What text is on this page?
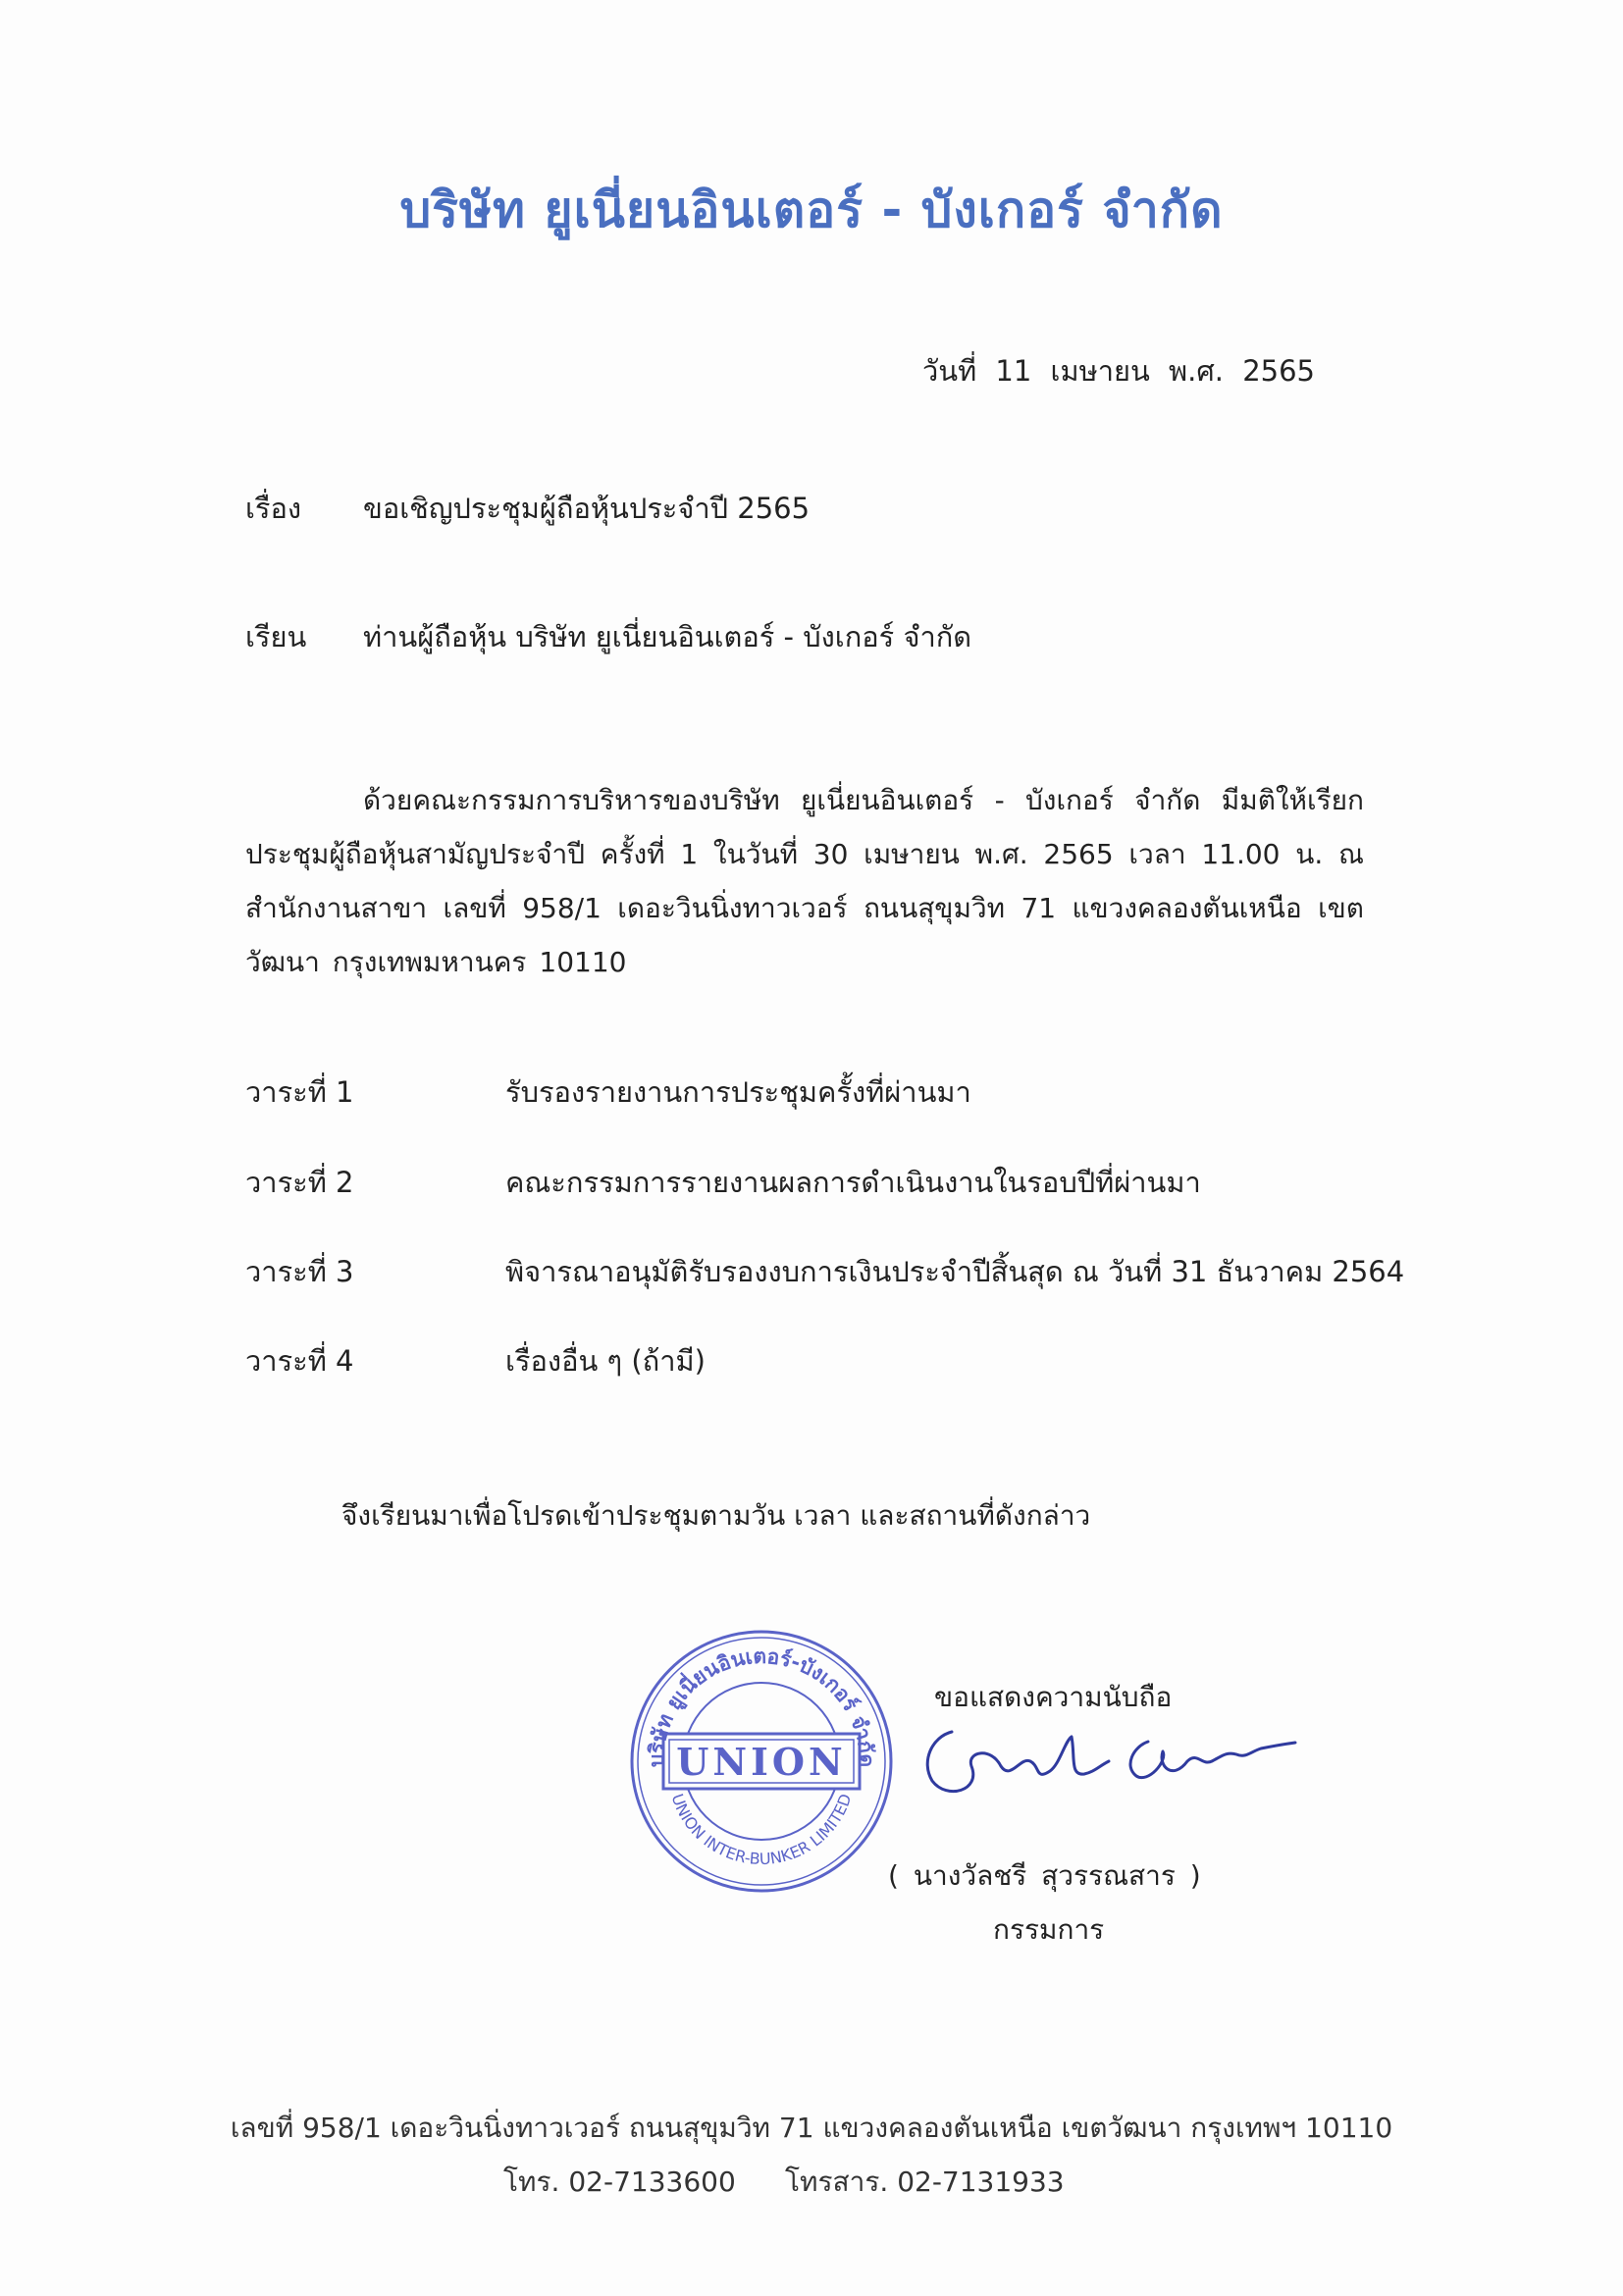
บริษัท ยูเนี่ยนอินเตอร์ - บังเกอร์ จำกัด
วันที่ 11 เมษายน พ.ศ. 2565
เรื่อง ขอเชิญประชุมผู้ถือหุ้นประจำปี 2565
เรียน ท่านผู้ถือหุ้น บริษัท ยูเนี่ยนอินเตอร์ - บังเกอร์ จำกัด
ด้วยคณะกรรมการบริหารของบริษัท ยูเนี่ยนอินเตอร์ - บังเกอร์ จำกัด มีมติให้เรียกประชุมผู้ถือหุ้นสามัญประจำปี ครั้งที่ 1 ในวันที่ 30 เมษายน พ.ศ. 2565 เวลา 11.00 น. ณ สำนักงานสาขา เลขที่ 958/1 เดอะวินนิ่งทาวเวอร์ ถนนสุขุมวิท 71 แขวงคลองตันเหนือ เขตวัฒนา กรุงเทพมหานคร 10110
วาระที่ 1	รับรองรายงานการประชุมครั้งที่ผ่านมา
วาระที่ 2	คณะกรรมการรายงานผลการดำเนินงานในรอบปีที่ผ่านมา
วาระที่ 3	พิจารณาอนุมัติรับรองงบการเงินประจำปีสิ้นสุด ณ วันที่ 31 ธันวาคม 2564
วาระที่ 4	เรื่องอื่น ๆ (ถ้ามี)
จึงเรียนมาเพื่อโปรดเข้าประชุมตามวัน เวลา และสถานที่ดังกล่าว
บริษัท ยูเนี่ยนอินเตอร์-บังเกอร์ จำกัด
UNION
UNION INTER-BUNKER LIMITED
ขอแสดงความนับถือ
( นางวัลชรี สุวรรณสาร )
กรรมการ
เลขที่ 958/1 เดอะวินนิ่งทาวเวอร์ ถนนสุขุมวิท 71 แขวงคลองตันเหนือ เขตวัฒนา กรุงเทพฯ 10110
โทร. 02-7133600 โทรสาร. 02-7131933
